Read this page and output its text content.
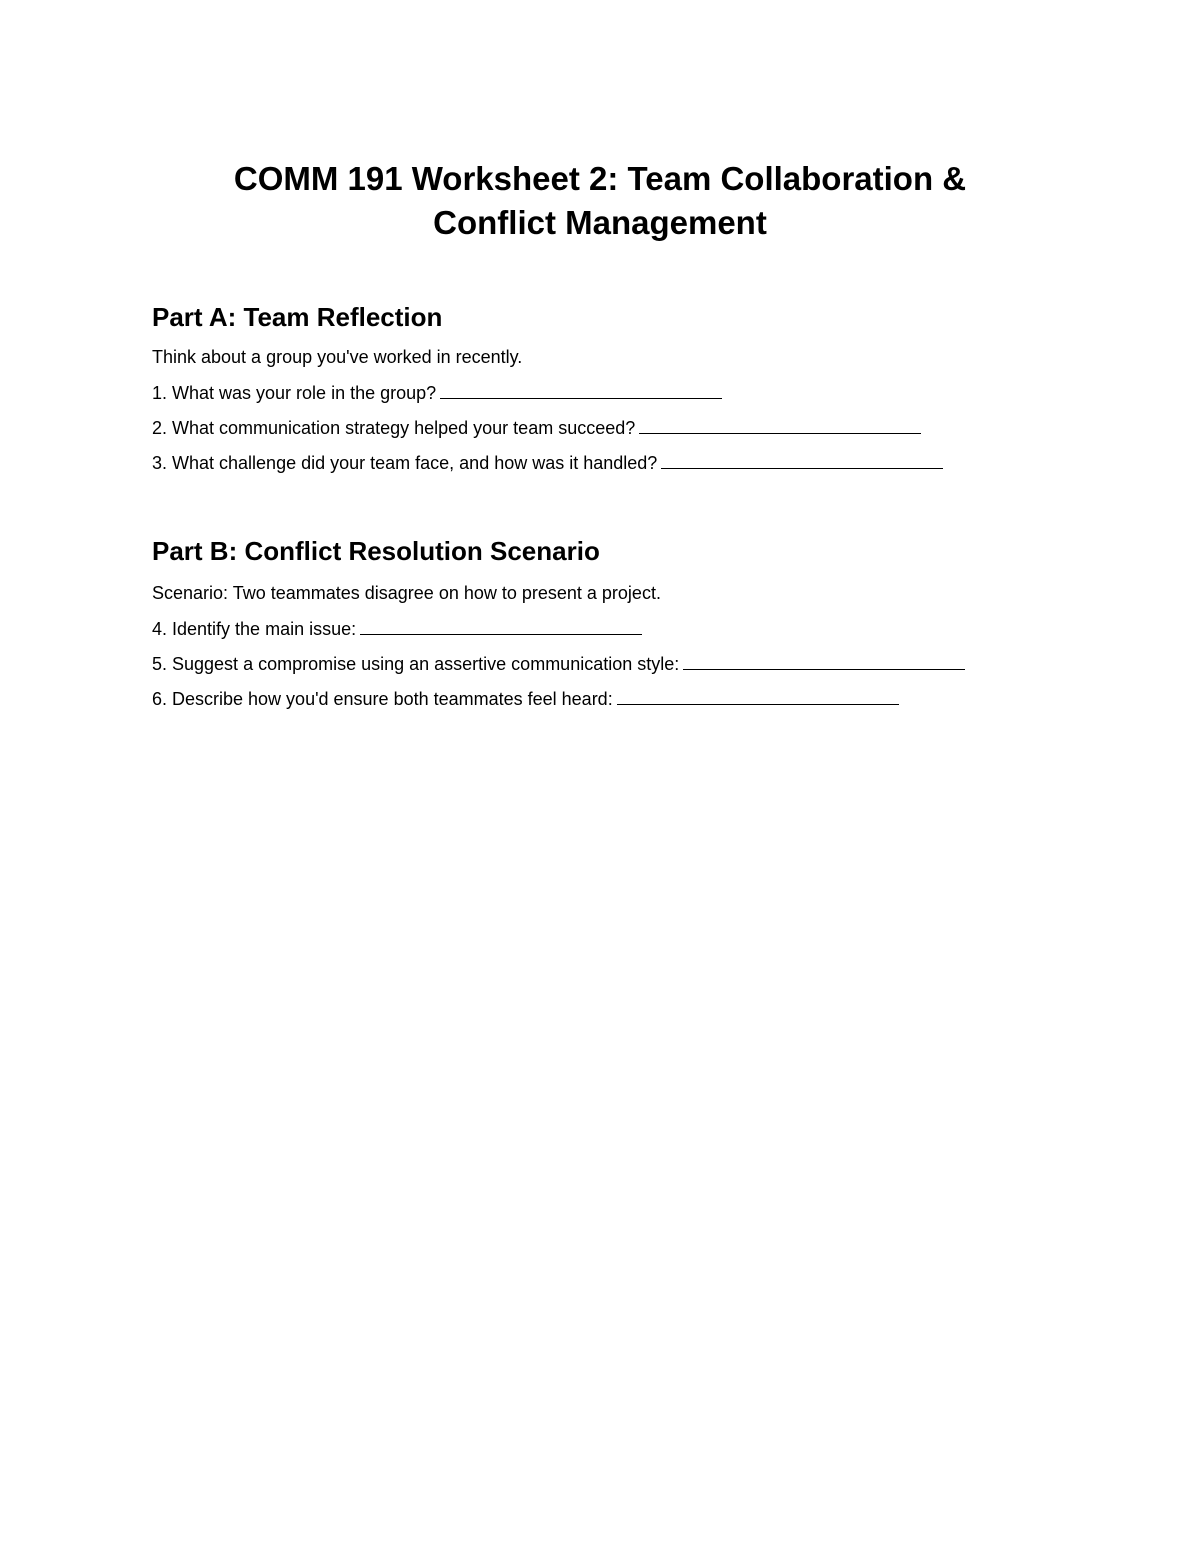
COMM 191 Worksheet 2: Team Collaboration &
Conflict Management
Part A: Team Reflection

Think about a group you've worked in recently.

1. What was your role in the group?

2. What communication strategy helped your team succeed?

3. What challenge did your team face, and how was it handled?

Part B: Conflict Resolution Scenario

Scenario: Two teammates disagree on how to present a project.

4. Identify the main issue:

5. Suggest a compromise using an assertive communication style:

6. Describe how you'd ensure both teammates feel heard:
